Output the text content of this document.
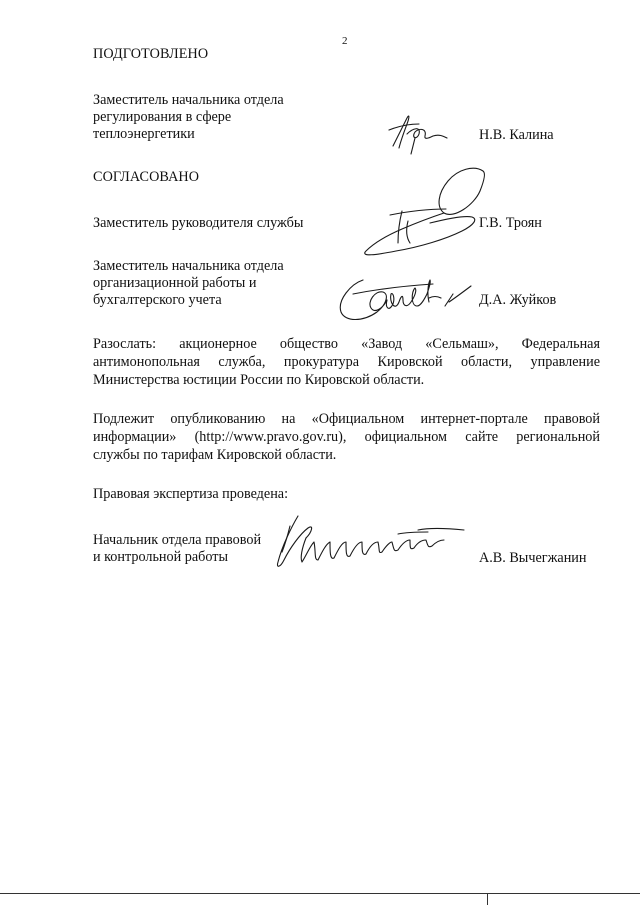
2
ПОДГОТОВЛЕНО
Заместитель начальника отдела
регулирования в сфере
теплоэнергетики	Н.В. Калина
СОГЛАСОВАНО
Заместитель руководителя службы	Г.В. Троян
Заместитель начальника отдела
организационной работы и
бухгалтерского учета	Д.А. Жуйков
Разослать: акционерное общество «Завод «Сельмаш», Федеральная
антимонопольная служба, прокуратура Кировской области, управление
Министерства юстиции России по Кировской области.
Подлежит опубликованию на «Официальном интернет-портале правовой
информации» (http://www.pravo.gov.ru), официальном сайте региональной
службы по тарифам Кировской области.
Правовая экспертиза проведена:
Начальник отдела правовой
и контрольной работы	А.В. Вычегжанин
